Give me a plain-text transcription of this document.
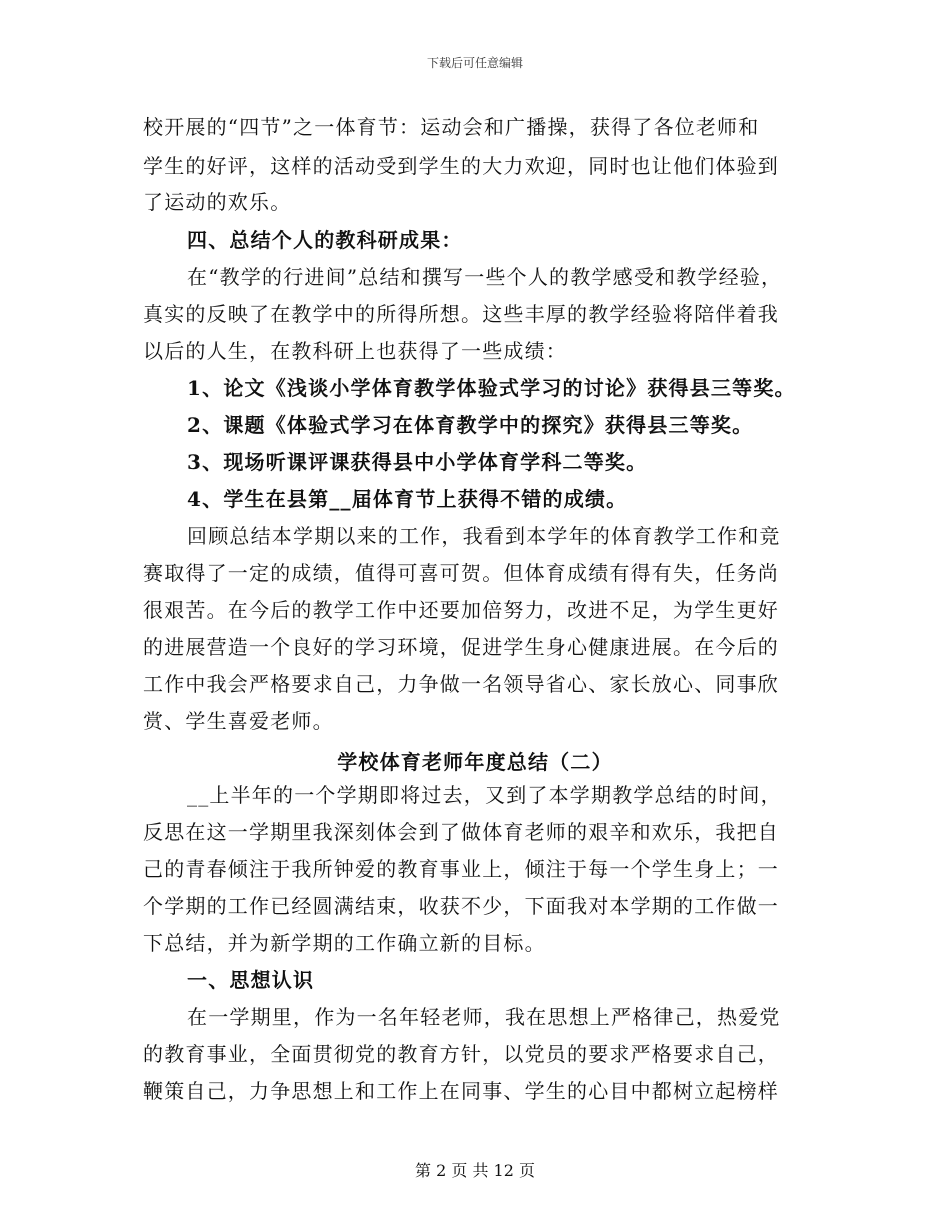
下载后可任意编辑
校开展的“四节”之一体育节：运动会和广播操，获得了各位老师和
学生的好评，这样的活动受到学生的大力欢迎，同时也让他们体验到
了运动的欢乐。
四、总结个人的教科研成果：
在“教学的行进间”总结和撰写一些个人的教学感受和教学经验，
真实的反映了在教学中的所得所想。这些丰厚的教学经验将陪伴着我
以后的人生，在教科研上也获得了一些成绩：
1、论文《浅谈小学体育教学体验式学习的讨论》获得县三等奖。
2、课题《体验式学习在体育教学中的探究》获得县三等奖。
3、现场听课评课获得县中小学体育学科二等奖。
4、学生在县第__届体育节上获得不错的成绩。
回顾总结本学期以来的工作，我看到本学年的体育教学工作和竞
赛取得了一定的成绩，值得可喜可贺。但体育成绩有得有失，任务尚
很艰苦。在今后的教学工作中还要加倍努力，改进不足，为学生更好
的进展营造一个良好的学习环境，促进学生身心健康进展。在今后的
工作中我会严格要求自己，力争做一名领导省心、家长放心、同事欣
赏、学生喜爱老师。
学校体育老师年度总结（二）
__上半年的一个学期即将过去，又到了本学期教学总结的时间，
反思在这一学期里我深刻体会到了做体育老师的艰辛和欢乐，我把自
己的青春倾注于我所钟爱的教育事业上，倾注于每一个学生身上；一
个学期的工作已经圆满结束，收获不少，下面我对本学期的工作做一
下总结，并为新学期的工作确立新的目标。
一、思想认识
在一学期里，作为一名年轻老师，我在思想上严格律己，热爱党
的教育事业，全面贯彻党的教育方针，以党员的要求严格要求自己，
鞭策自己，力争思想上和工作上在同事、学生的心目中都树立起榜样
第 2 页 共 12 页
